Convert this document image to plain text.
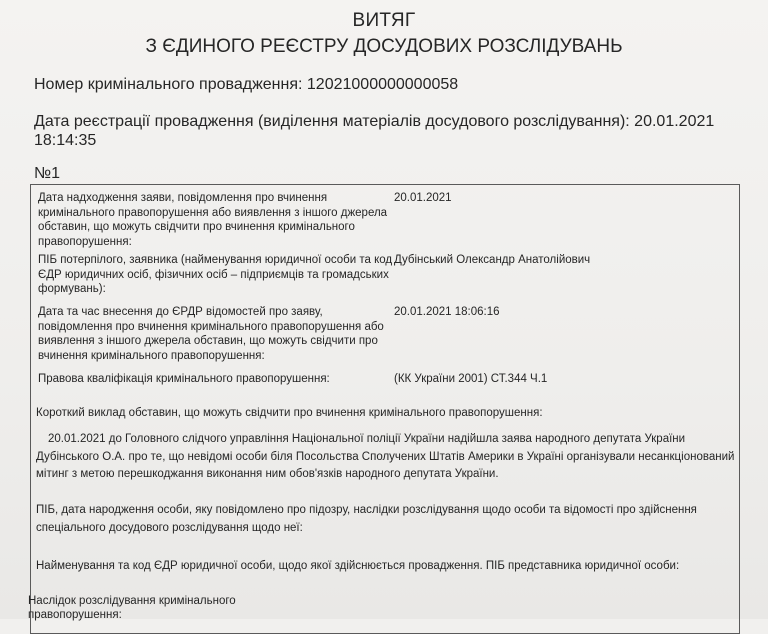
ВИТЯГ
З ЄДИНОГО РЕЄСТРУ ДОСУДОВИХ РОЗСЛІДУВАНЬ
Номер кримінального провадження: 12021000000000058
Дата реєстрації провадження (виділення матеріалів досудового розслідування): 20.01.2021 18:14:35
№1
Дата надходження заяви, повідомлення про вчинення кримінального правопорушення або виявлення з іншого джерела обставин, що можуть свідчити про вчинення кримінального правопорушення:
20.01.2021
ПІБ потерпілого, заявника (найменування юридичної особи та код ЄДР юридичних осіб, фізичних осіб – підприємців та громадських формувань):
Дубінський Олександр Анатолійович
Дата та час внесення до ЄРДР відомостей про заяву, повідомлення про вчинення кримінального правопорушення або виявлення з іншого джерела обставин, що можуть свідчити про вчинення кримінального правопорушення:
20.01.2021 18:06:16
Правова кваліфікація кримінального правопорушення:	(КК України 2001) СТ.344 Ч.1
Короткий виклад обставин, що можуть свідчити про вчинення кримінального правопорушення:
20.01.2021 до Головного слідчого управління Національної поліції України надійшла заява народного депутата України Дубінського О.А. про те, що невідомі особи біля Посольства Сполучених Штатів Америки в Україні організували несанкціонований мітинг з метою перешкоджання виконання ним обов'язків народного депутата України.
ПІБ, дата народження особи, яку повідомлено про підозру, наслідки розслідування щодо особи та відомості про здійснення спеціального досудового розслідування щодо неї:
Найменування та код ЄДР юридичної особи, щодо якої здійснюється провадження. ПІБ представника юридичної особи:
Наслідок розслідування кримінального правопорушення:
